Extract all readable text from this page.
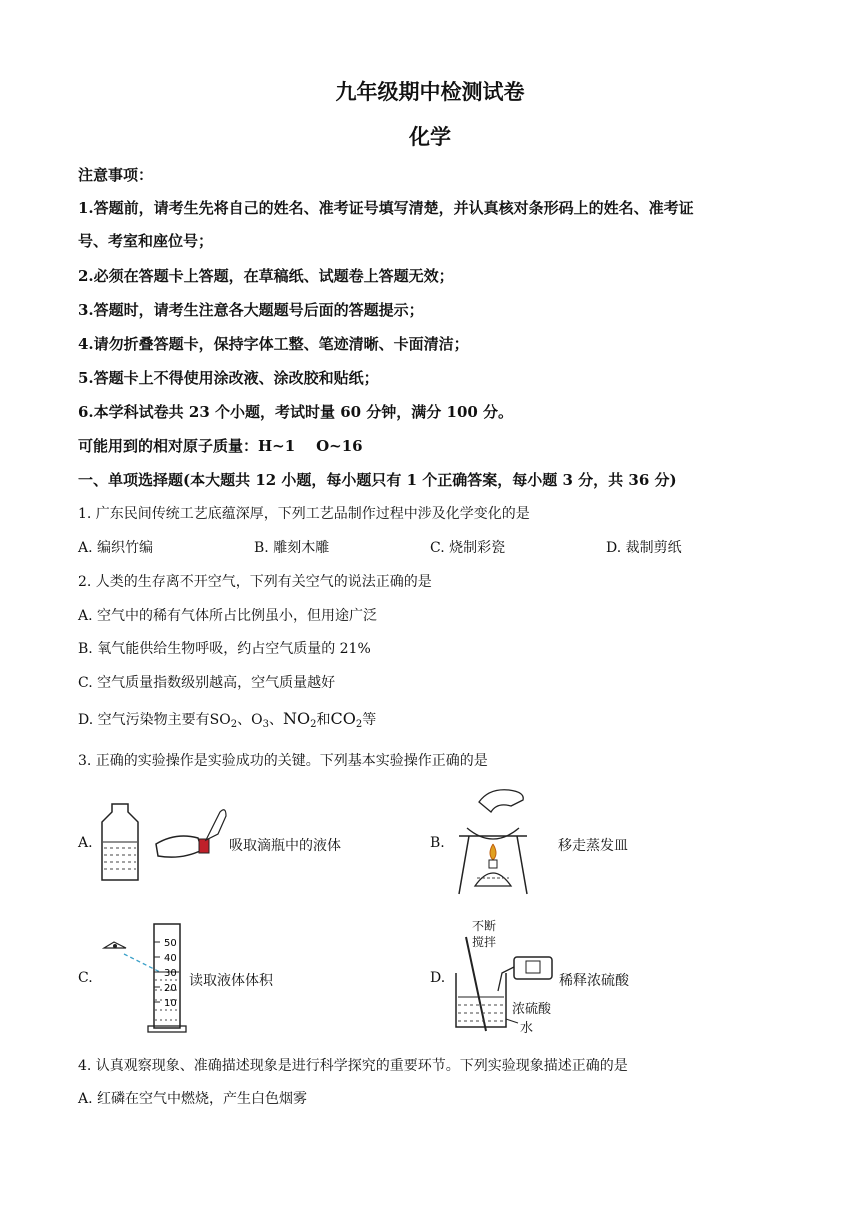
九年级期中检测试卷
化学
注意事项：
1.答题前，请考生先将自己的姓名、准考证号填写清楚，并认真核对条形码上的姓名、准考证
号、考室和座位号；
2.必须在答题卡上答题，在草稿纸、试题卷上答题无效；
3.答题时，请考生注意各大题题号后面的答题提示；
4.请勿折叠答题卡，保持字体工整、笔迹清晰、卡面清洁；
5.答题卡上不得使用涂改液、涂改胶和贴纸；
6.本学科试卷共 23 个小题，考试时量 60 分钟，满分 100 分。
可能用到的相对原子质量：H~1    O~16
一、单项选择题(本大题共 12 小题，每小题只有 1 个正确答案，每小题 3 分，共 36 分)
1. 广东民间传统工艺底蕴深厚，下列工艺品制作过程中涉及化学变化的是
A. 编织竹编	B. 雕刻木雕	C. 烧制彩瓷	D. 裁制剪纸
2. 人类的生存离不开空气，下列有关空气的说法正确的是
A. 空气中的稀有气体所占比例虽小，但用途广泛
B. 氧气能供给生物呼吸，约占空气质量的 21%
C. 空气质量指数级别越高，空气质量越好
D. 空气污染物主要有$SO_2$、$O_3$、$NO_2$和$CO_2$等
3. 正确的实验操作是实验成功的关键。下列基本实验操作正确的是
A.	吸取滴瓶中的液体	B.	移走蒸发皿
C.
50
40
30
20
10
读取液体体积	D.
不断
搅拌
稀释浓硫酸
浓硫酸
水
4. 认真观察现象、准确描述现象是进行科学探究的重要环节。下列实验现象描述正确的是
A. 红磷在空气中燃烧，产生白色烟雾
